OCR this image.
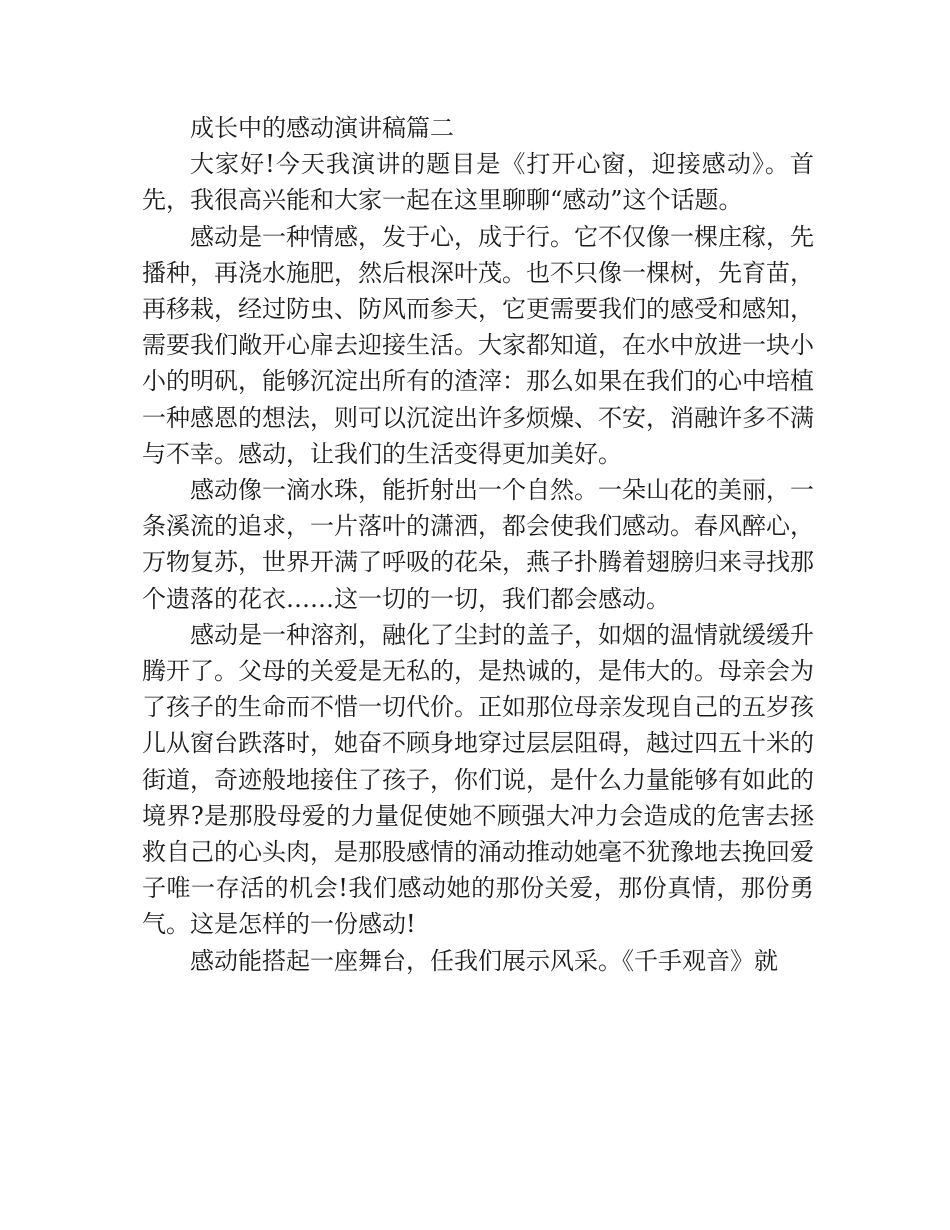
成长中的感动演讲稿篇二

大家好!今天我演讲的题目是《打开心窗，迎接感动》。首先，我很高兴能和大家一起在这里聊聊“感动”这个话题。

感动是一种情感，发于心，成于行。它不仅像一棵庄稼，先播种，再浇水施肥，然后根深叶茂。也不只像一棵树，先育苗，再移栽，经过防虫、防风而参天，它更需要我们的感受和感知，需要我们敞开心扉去迎接生活。大家都知道，在水中放进一块小小的明矾，能够沉淀出所有的渣滓：那么如果在我们的心中培植一种感恩的想法，则可以沉淀出许多烦燥、不安，消融许多不满与不幸。感动，让我们的生活变得更加美好。

感动像一滴水珠，能折射出一个自然。一朵山花的美丽，一条溪流的追求，一片落叶的潇洒，都会使我们感动。春风醉心，万物复苏，世界开满了呼吸的花朵，燕子扑腾着翅膀归来寻找那个遗落的花衣……这一切的一切，我们都会感动。

感动是一种溶剂，融化了尘封的盖子，如烟的温情就缓缓升腾开了。父母的关爱是无私的，是热诚的，是伟大的。母亲会为了孩子的生命而不惜一切代价。正如那位母亲发现自己的五岁孩儿从窗台跌落时，她奋不顾身地穿过层层阻碍，越过四五十米的街道，奇迹般地接住了孩子，你们说，是什么力量能够有如此的境界?是那股母爱的力量促使她不顾强大冲力会造成的危害去拯救自己的心头肉，是那股感情的涌动推动她毫不犹豫地去挽回爱子唯一存活的机会!我们感动她的那份关爱，那份真情，那份勇气。这是怎样的一份感动!

感动能搭起一座舞台，任我们展示风采。《千手观音》就
